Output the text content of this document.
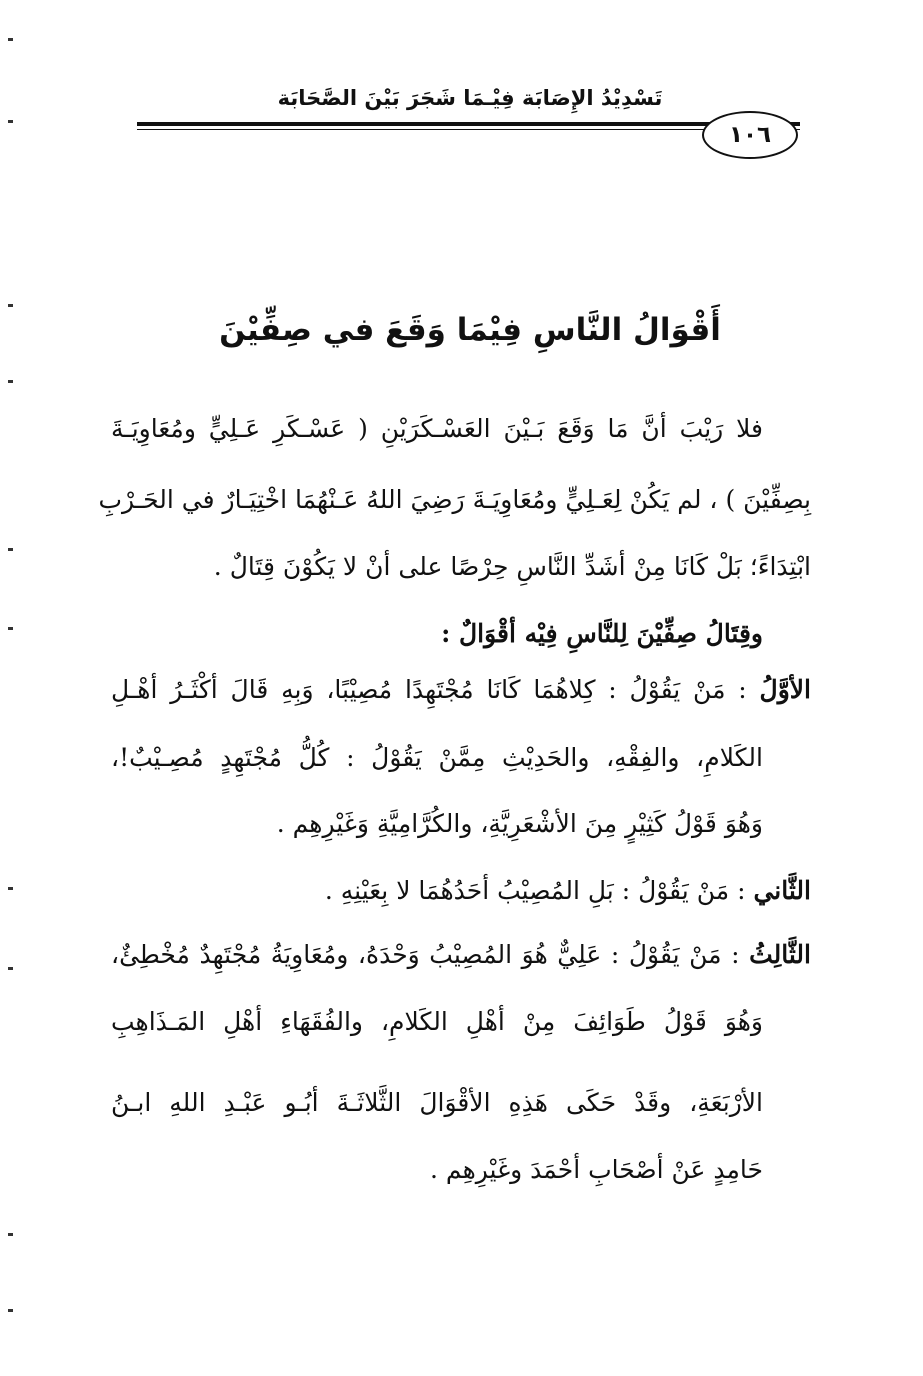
تَسْدِيْدُ الإِصَابَة فِيْـمَا شَجَرَ بَيْنَ الصَّحَابَة
١٠٦
أَقْوَالُ النَّاسِ فِيْمَا وَقَعَ في صِفِّيْنَ
فلا رَيْبَ أنَّ مَا وَقَعَ بَـيْنَ العَسْـكَرَيْنِ ( عَسْـكَرِ عَـلِيٍّ ومُعَاوِيَـةَ
بِصِفِّيْنَ ) ، لم يَكُنْ لِعَـلِيٍّ ومُعَاوِيَـةَ رَضِيَ اللهُ عَـنْهُمَا اخْتِيَـارٌ في الحَـرْبِ
ابْتِدَاءً؛ بَلْ كَانَا مِنْ أشَدِّ النَّاسِ حِرْصًا على أنْ لا يَكُوْنَ قِتَالٌ .
وقِتَالُ صِفِّيْنَ لِلنَّاسِ فِيْه أقْوَالٌ :
الأوَّلُ : مَنْ يَقُوْلُ : كِلاهُمَا كَانَا مُجْتَهِدًا مُصِيْبًا، وَبِهِ قَالَ أكْثَـرُ أهْـلِ
الكَلامِ، والفِقْهِ، والحَدِيْثِ مِمَّنْ يَقُوْلُ : كُلُّ مُجْتَهِدٍ مُصِـيْبٌ!،
وَهُوَ قَوْلُ كَثِيْرٍ مِنَ الأشْعَرِيَّةِ، والكُرَّامِيَّةِ وَغَيْرِهِم .
الثَّاني : مَنْ يَقُوْلُ : بَلِ المُصِيْبُ أحَدُهُمَا لا بِعَيْنِهِ .
الثَّالِثُ : مَنْ يَقُوْلُ : عَلِيٌّ هُوَ المُصِيْبُ وَحْدَهُ، ومُعَاوِيَةُ مُجْتَهِدٌ مُخْطِئٌ،
وَهُوَ قَوْلُ طَوَائِفَ مِنْ أهْلِ الكَلامِ، والفُقَهَاءِ أهْلِ المَـذَاهِبِ
الأرْبَعَةِ، وقَدْ حَكَى هَذِهِ الأقْوَالَ الثَّلاثَـةَ أبُـو عَبْـدِ اللهِ ابـنُ
حَامِدٍ عَنْ أصْحَابِ أحْمَدَ وغَيْرِهِم .
